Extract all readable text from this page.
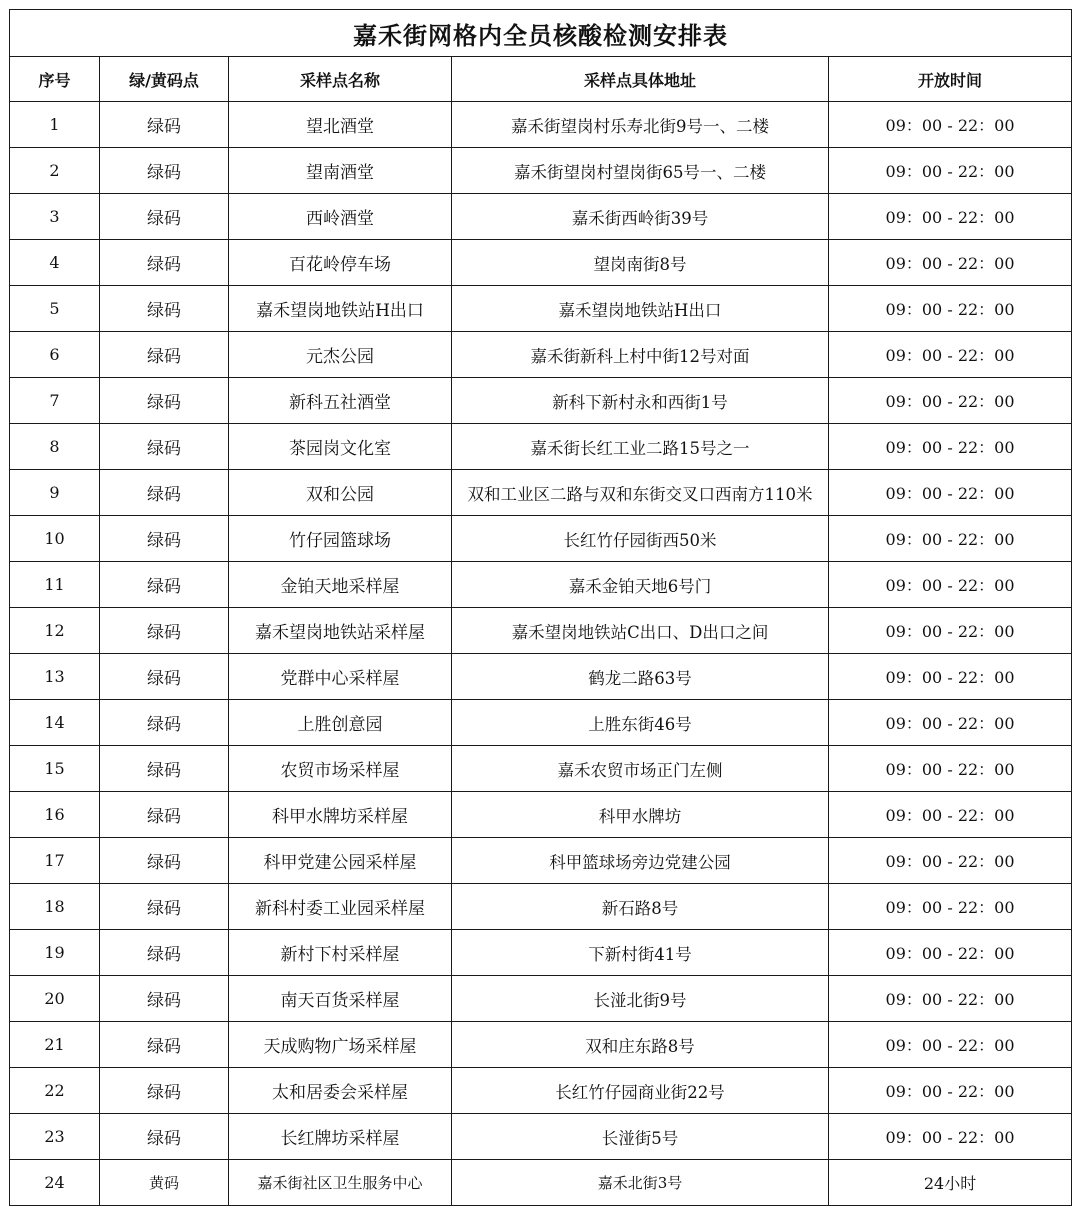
嘉禾街网格内全员核酸检测安排表				
序号	绿/黄码点	采样点名称	采样点具体地址	开放时间
1	绿码	望北酒堂	嘉禾街望岗村乐寿北街9号一、二楼	09：00 - 22：00
2	绿码	望南酒堂	嘉禾街望岗村望岗街65号一、二楼	09：00 - 22：00
3	绿码	西岭酒堂	嘉禾街西岭街39号	09：00 - 22：00
4	绿码	百花岭停车场	望岗南街8号	09：00 - 22：00
5	绿码	嘉禾望岗地铁站H出口	嘉禾望岗地铁站H出口	09：00 - 22：00
6	绿码	元杰公园	嘉禾街新科上村中街12号对面	09：00 - 22：00
7	绿码	新科五社酒堂	新科下新村永和西街1号	09：00 - 22：00
8	绿码	茶园岗文化室	嘉禾街长红工业二路15号之一	09：00 - 22：00
9	绿码	双和公园	双和工业区二路与双和东街交叉口西南方110米	09：00 - 22：00
10	绿码	竹仔园篮球场	长红竹仔园街西50米	09：00 - 22：00
11	绿码	金铂天地采样屋	嘉禾金铂天地6号门	09：00 - 22：00
12	绿码	嘉禾望岗地铁站采样屋	嘉禾望岗地铁站C出口、D出口之间	09：00 - 22：00
13	绿码	党群中心采样屋	鹤龙二路63号	09：00 - 22：00
14	绿码	上胜创意园	上胜东街46号	09：00 - 22：00
15	绿码	农贸市场采样屋	嘉禾农贸市场正门左侧	09：00 - 22：00
16	绿码	科甲水牌坊采样屋	科甲水牌坊	09：00 - 22：00
17	绿码	科甲党建公园采样屋	科甲篮球场旁边党建公园	09：00 - 22：00
18	绿码	新科村委工业园采样屋	新石路8号	09：00 - 22：00
19	绿码	新村下村采样屋	下新村街41号	09：00 - 22：00
20	绿码	南天百货采样屋	长湴北街9号	09：00 - 22：00
21	绿码	天成购物广场采样屋	双和庄东路8号	09：00 - 22：00
22	绿码	太和居委会采样屋	长红竹仔园商业街22号	09：00 - 22：00
23	绿码	长红牌坊采样屋	长湴街5号	09：00 - 22：00
24	黄码	嘉禾街社区卫生服务中心	嘉禾北街3号	24小时
